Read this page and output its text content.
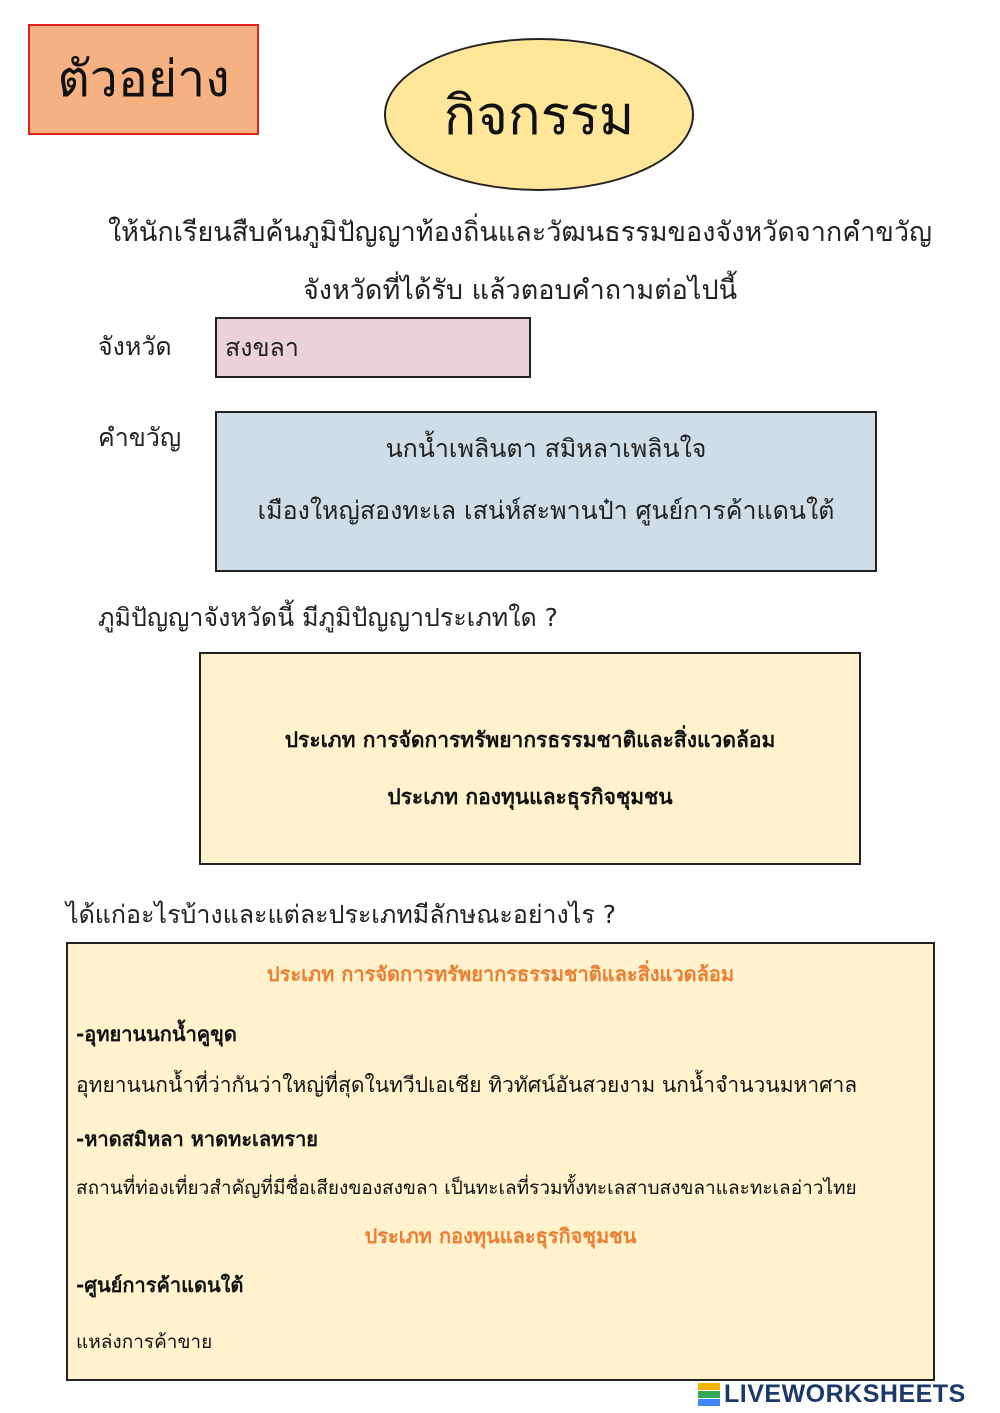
ตัวอย่าง
กิจกรรม
ให้นักเรียนสืบค้นภูมิปัญญาท้องถิ่นและวัฒนธรรมของจังหวัดจากคำขวัญ
จังหวัดที่ได้รับ แล้วตอบคำถามต่อไปนี้
จังหวัด	สงขลา
คำขวัญ	นกน้ำเพลินตา สมิหลาเพลินใจ
เมืองใหญ่สองทะเล เสน่ห์สะพานป๋า ศูนย์การค้าแดนใต้
ภูมิปัญญาจังหวัดนี้ มีภูมิปัญญาประเภทใด ?
ประเภท การจัดการทรัพยากรธรรมชาติและสิ่งแวดล้อม
ประเภท กองทุนและธุรกิจชุมชน
ได้แก่อะไรบ้างและแต่ละประเภทมีลักษณะอย่างไร ?
ประเภท การจัดการทรัพยากรธรรมชาติและสิ่งแวดล้อม
-อุทยานนกน้ำคูขุด
อุทยานนกน้ำที่ว่ากันว่าใหญ่ที่สุดในทวีปเอเชีย ทิวทัศน์อันสวยงาม นกน้ำจำนวนมหาศาล
-หาดสมิหลา หาดทะเลทราย
สถานที่ท่องเที่ยวสำคัญที่มีชื่อเสียงของสงขลา เป็นทะเลที่รวมทั้งทะเลสาบสงขลาและทะเลอ่าวไทย
ประเภท กองทุนและธุรกิจชุมชน
-ศูนย์การค้าแดนใต้
แหล่งการค้าขาย
LIVEWORKSHEETS
